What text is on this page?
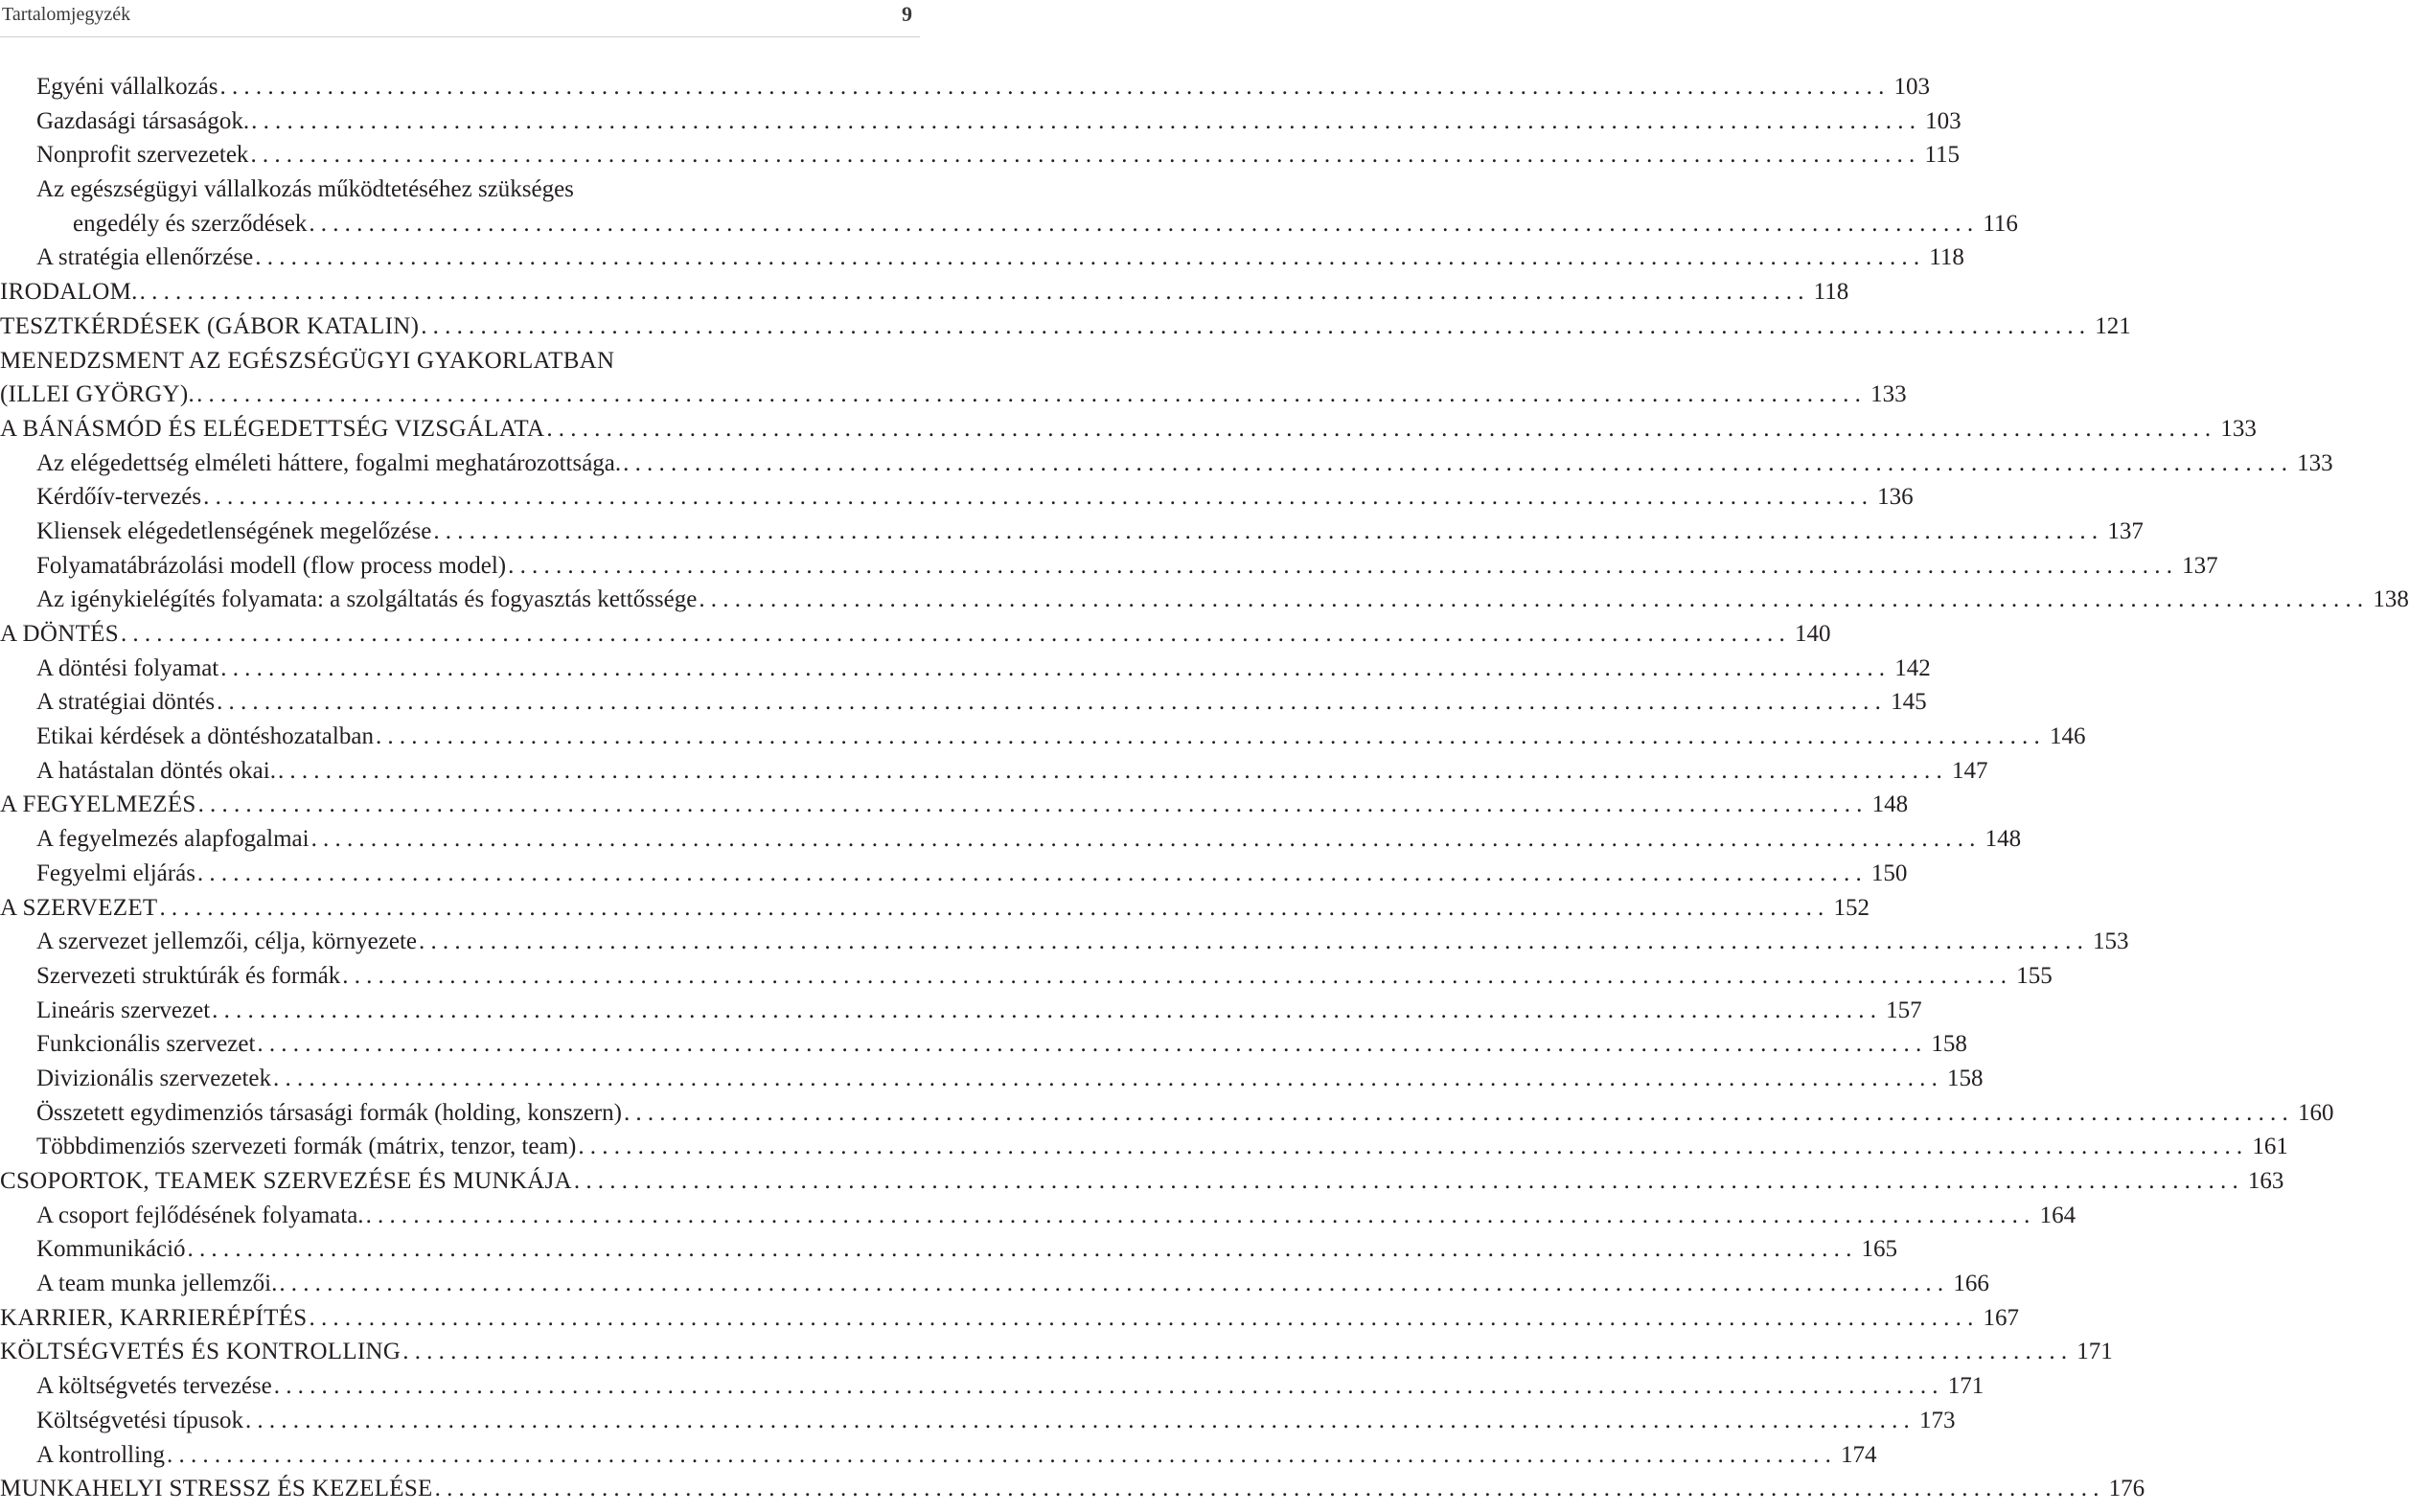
Tartalomjegyzék	9
Egyéni vállalkozás ............................................................................................................................................ 103
Gazdasági társaságok. ............................................................................................................................................ 103
Nonprofit szervezetek ............................................................................................................................................ 115
Az egészségügyi vállalkozás működtetéséhez szükséges
engedély és szerződések ............................................................................................................................................ 116
A stratégia ellenőrzése ............................................................................................................................................ 118
IRODALOM. ............................................................................................................................................ 118
TESZTKÉRDÉSEK (GÁBOR KATALIN) ............................................................................................................................................ 121
MENEDZSMENT AZ EGÉSZSÉGÜGYI GYAKORLATBAN
(ILLEI GYÖRGY). ............................................................................................................................................ 133
A BÁNÁSMÓD ÉS ELÉGEDETTSÉG VIZSGÁLATA ............................................................................................................................................ 133
Az elégedettség elméleti háttere, fogalmi meghatározottsága. ............................................................................................................................................ 133
Kérdőív-tervezés ............................................................................................................................................ 136
Kliensek elégedetlenségének megelőzése ............................................................................................................................................ 137
Folyamatábrázolási modell (flow process model) ............................................................................................................................................ 137
Az igénykielégítés folyamata: a szolgáltatás és fogyasztás kettőssége ............................................................................................................................................ 138
A DÖNTÉS ............................................................................................................................................ 140
A döntési folyamat ............................................................................................................................................ 142
A stratégiai döntés ............................................................................................................................................ 145
Etikai kérdések a döntéshozatalban ............................................................................................................................................ 146
A hatástalan döntés okai. ............................................................................................................................................ 147
A FEGYELMEZÉS ............................................................................................................................................ 148
A fegyelmezés alapfogalmai ............................................................................................................................................ 148
Fegyelmi eljárás ............................................................................................................................................ 150
A SZERVEZET ............................................................................................................................................ 152
A szervezet jellemzői, célja, környezete ............................................................................................................................................ 153
Szervezeti struktúrák és formák ............................................................................................................................................ 155
Lineáris szervezet ............................................................................................................................................ 157
Funkcionális szervezet ............................................................................................................................................ 158
Divizionális szervezetek ............................................................................................................................................ 158
Összetett egydimenziós társasági formák (holding, konszern) ............................................................................................................................................ 160
Többdimenziós szervezeti formák (mátrix, tenzor, team) ............................................................................................................................................ 161
CSOPORTOK, TEAMEK SZERVEZÉSE ÉS MUNKÁJA ............................................................................................................................................ 163
A csoport fejlődésének folyamata. ............................................................................................................................................ 164
Kommunikáció ............................................................................................................................................ 165
A team munka jellemzői. ............................................................................................................................................ 166
KARRIER, KARRIERÉPÍTÉS ............................................................................................................................................ 167
KÖLTSÉGVETÉS ÉS KONTROLLING ............................................................................................................................................ 171
A költségvetés tervezése ............................................................................................................................................ 171
Költségvetési típusok ............................................................................................................................................ 173
A kontrolling ............................................................................................................................................ 174
MUNKAHELYI STRESSZ ÉS KEZELÉSE ............................................................................................................................................ 176
